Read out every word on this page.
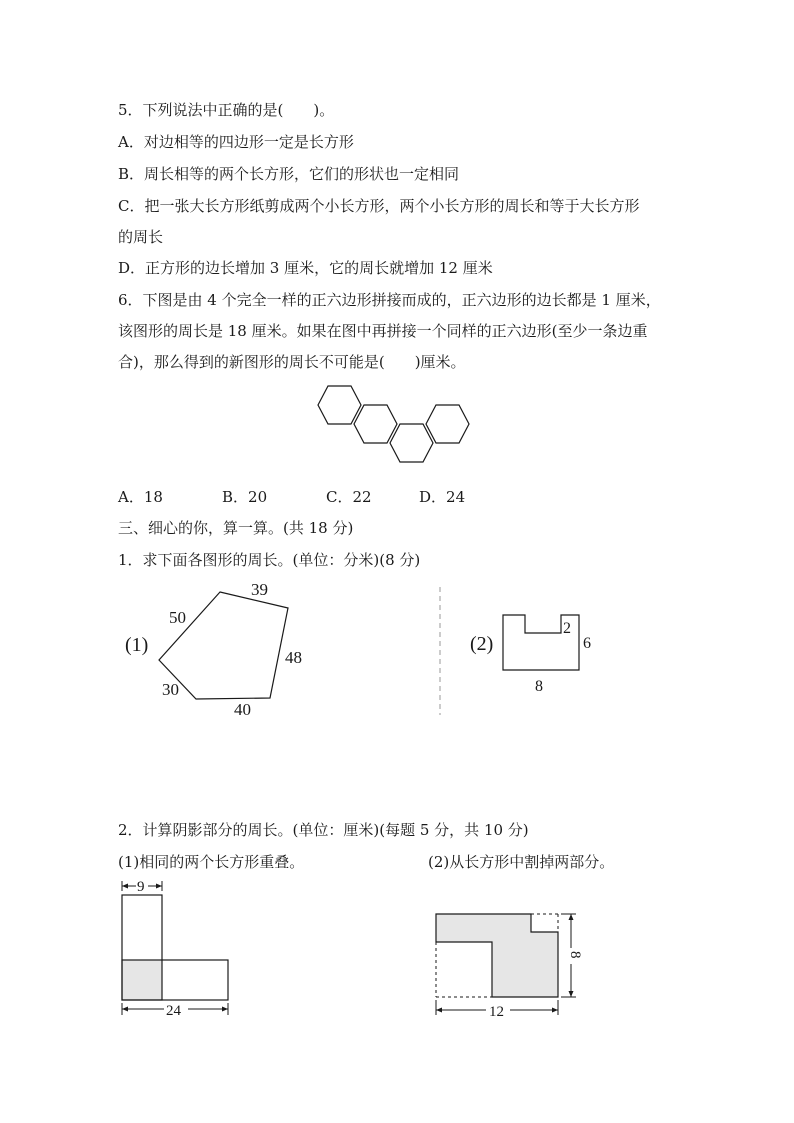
5．下列说法中正确的是(　　)。
A．对边相等的四边形一定是长方形
B．周长相等的两个长方形，它们的形状也一定相同
C．把一张大长方形纸剪成两个小长方形，两个小长方形的周长和等于大长方形
的周长
D．正方形的边长增加 3 厘米，它的周长就增加 12 厘米
6．下图是由 4 个完全一样的正六边形拼接而成的，正六边形的边长都是 1 厘米，
该图形的周长是 18 厘米。如果在图中再拼接一个同样的正六边形(至少一条边重
合)，那么得到的新图形的周长不可能是(　　)厘米。
A．18	B．20	C．22	D．24
三、细心的你，算一算。(共 18 分)
1．求下面各图形的周长。(单位：分米)(8 分)
(1)
39
50
48
30
40
(2)
2
6
8
2．计算阴影部分的周长。(单位：厘米)(每题 5 分，共 10 分)
(1)相同的两个长方形重叠。	(2)从长方形中割掉两部分。
9
24
8
12
